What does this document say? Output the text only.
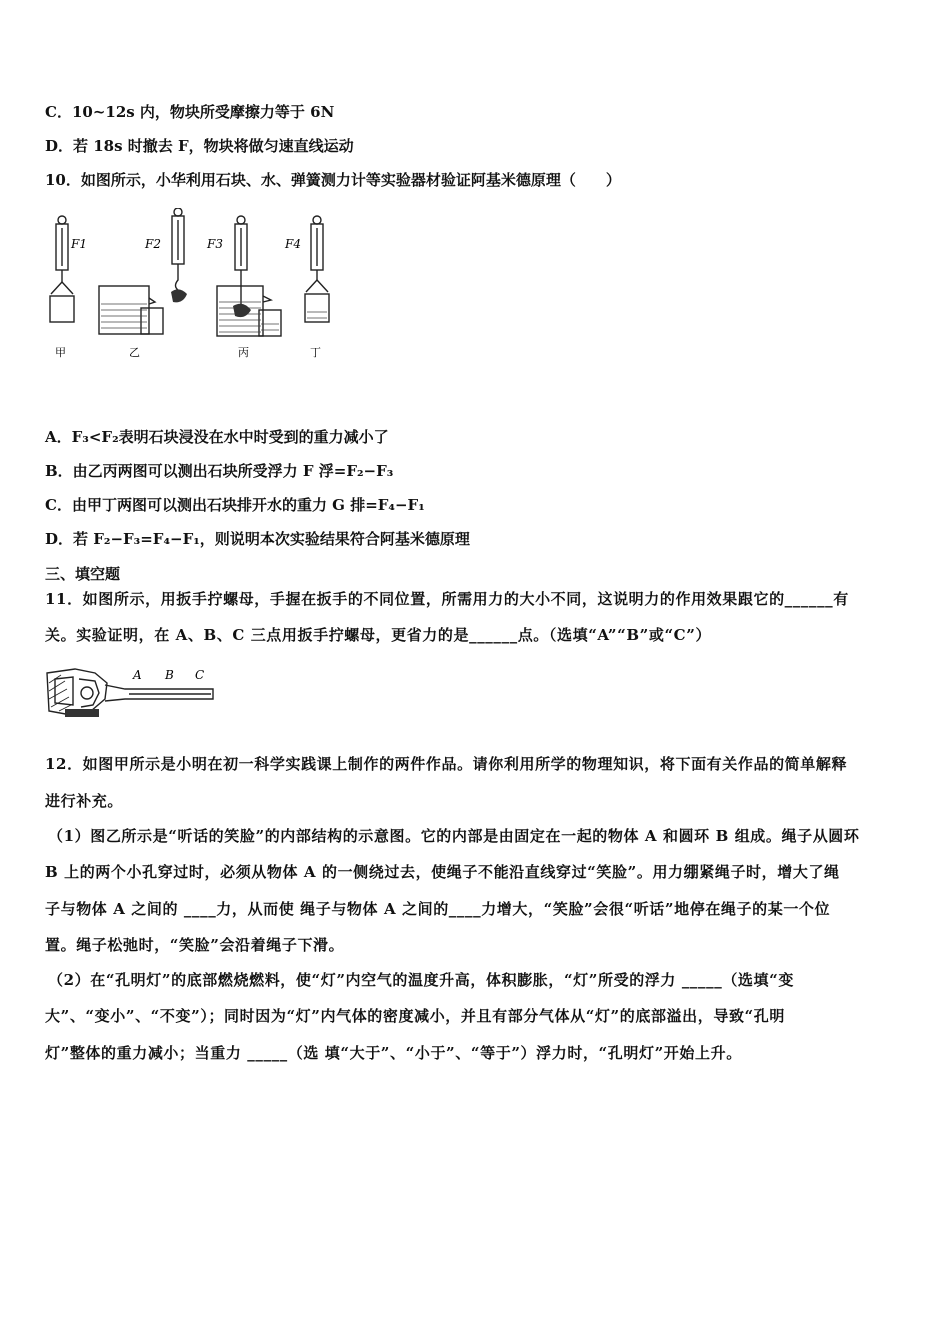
C．10~12s 内，物块所受摩擦力等于 6N
D．若 18s 时撤去 F，物块将做匀速直线运动
10．如图所示，小华利用石块、水、弹簧测力计等实验器材验证阿基米德原理（　　）
F1	F2	F3	F4
甲	乙	丙	丁
A．F₃<F₂表明石块浸没在水中时受到的重力减小了
B．由乙丙两图可以测出石块所受浮力 F 浮=F₂−F₃
C．由甲丁两图可以测出石块排开水的重力 G 排=F₄−F₁
D．若 F₂−F₃=F₄−F₁，则说明本次实验结果符合阿基米德原理
三、填空题
11．如图所示，用扳手拧螺母，手握在扳手的不同位置，所需用力的大小不同，这说明力的作用效果跟它的______有
关。实验证明，在 A、B、C 三点用扳手拧螺母，更省力的是______点。（选填“A”“B”或“C”）
A B C
12．如图甲所示是小明在初一科学实践课上制作的两件作品。请你利用所学的物理知识，将下面有关作品的简单解释
进行补充。
（1）图乙所示是“听话的笑脸”的内部结构的示意图。它的内部是由固定在一起的物体 A 和圆环 B 组成。绳子从圆环
B 上的两个小孔穿过时，必须从物体 A 的一侧绕过去，使绳子不能沿直线穿过“笑脸”。用力绷紧绳子时，增大了绳
子与物体 A 之间的 ____力，从而使 绳子与物体 A 之间的____力增大，“笑脸”会很“听话”地停在绳子的某一个位
置。绳子松弛时，“笑脸”会沿着绳子下滑。
（2）在“孔明灯”的底部燃烧燃料，使“灯”内空气的温度升高，体积膨胀，“灯”所受的浮力 _____（选填“变
大”、“变小”、“不变”）；同时因为“灯”内气体的密度减小，并且有部分气体从“灯”的底部溢出，导致“孔明
灯”整体的重力减小；当重力 _____（选 填“大于”、“小于”、“等于”）浮力时，“孔明灯”开始上升。
